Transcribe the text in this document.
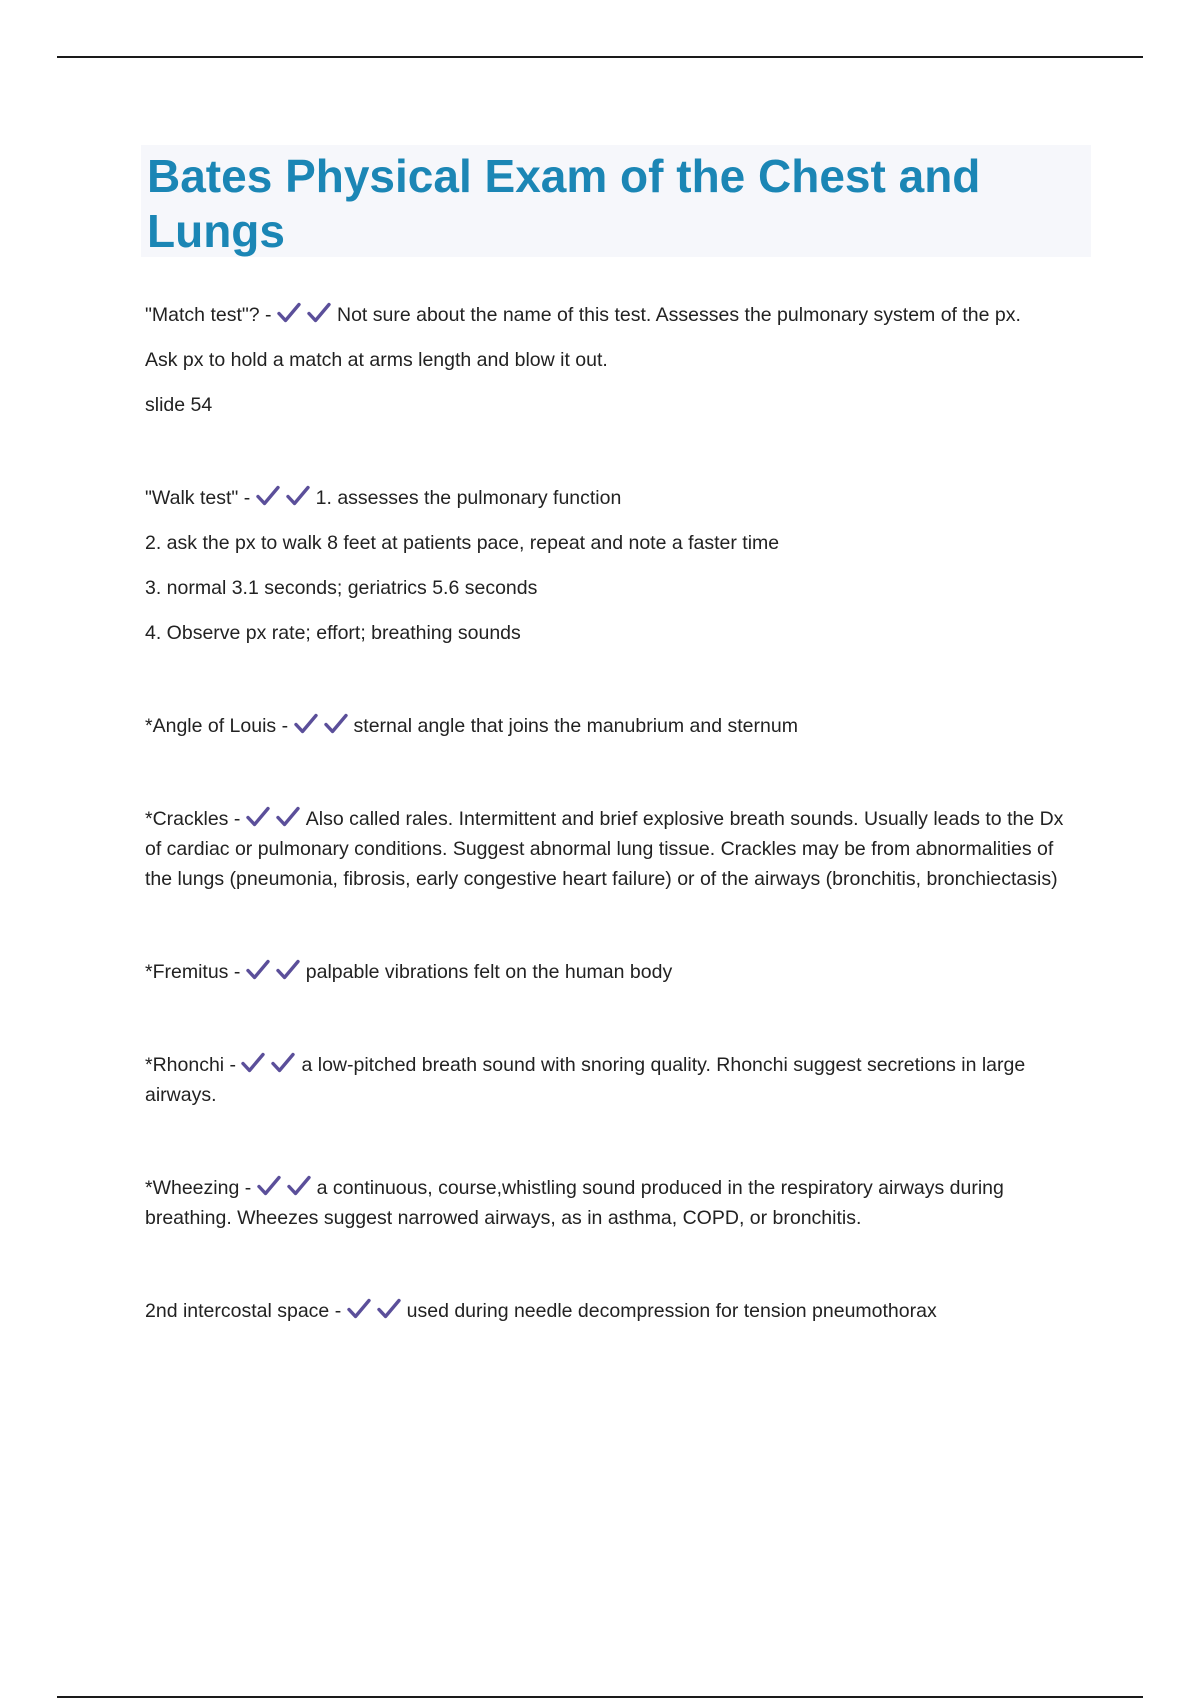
Bates Physical Exam of the Chest and Lungs

"Match test"? -	Not sure about the name of this test. Assesses the pulmonary system of the px.

Ask px to hold a match at arms length and blow it out.

slide 54

"Walk test" -	1. assesses the pulmonary function

2. ask the px to walk 8 feet at patients pace, repeat and note a faster time

3. normal 3.1 seconds; geriatrics 5.6 seconds

4. Observe px rate; effort; breathing sounds

*Angle of Louis -	sternal angle that joins the manubrium and sternum

*Crackles -	Also called rales. Intermittent and brief explosive breath sounds. Usually leads to the Dx of cardiac or pulmonary conditions. Suggest abnormal lung tissue. Crackles may be from abnormalities of the lungs (pneumonia, fibrosis, early congestive heart failure) or of the airways (bronchitis, bronchiectasis)

*Fremitus -	palpable vibrations felt on the human body

*Rhonchi -	a low-pitched breath sound with snoring quality. Rhonchi suggest secretions in large airways.

*Wheezing -	a continuous, course,whistling sound produced in the respiratory airways during breathing. Wheezes suggest narrowed airways, as in asthma, COPD, or bronchitis.

2nd intercostal space -	used during needle decompression for tension pneumothorax
